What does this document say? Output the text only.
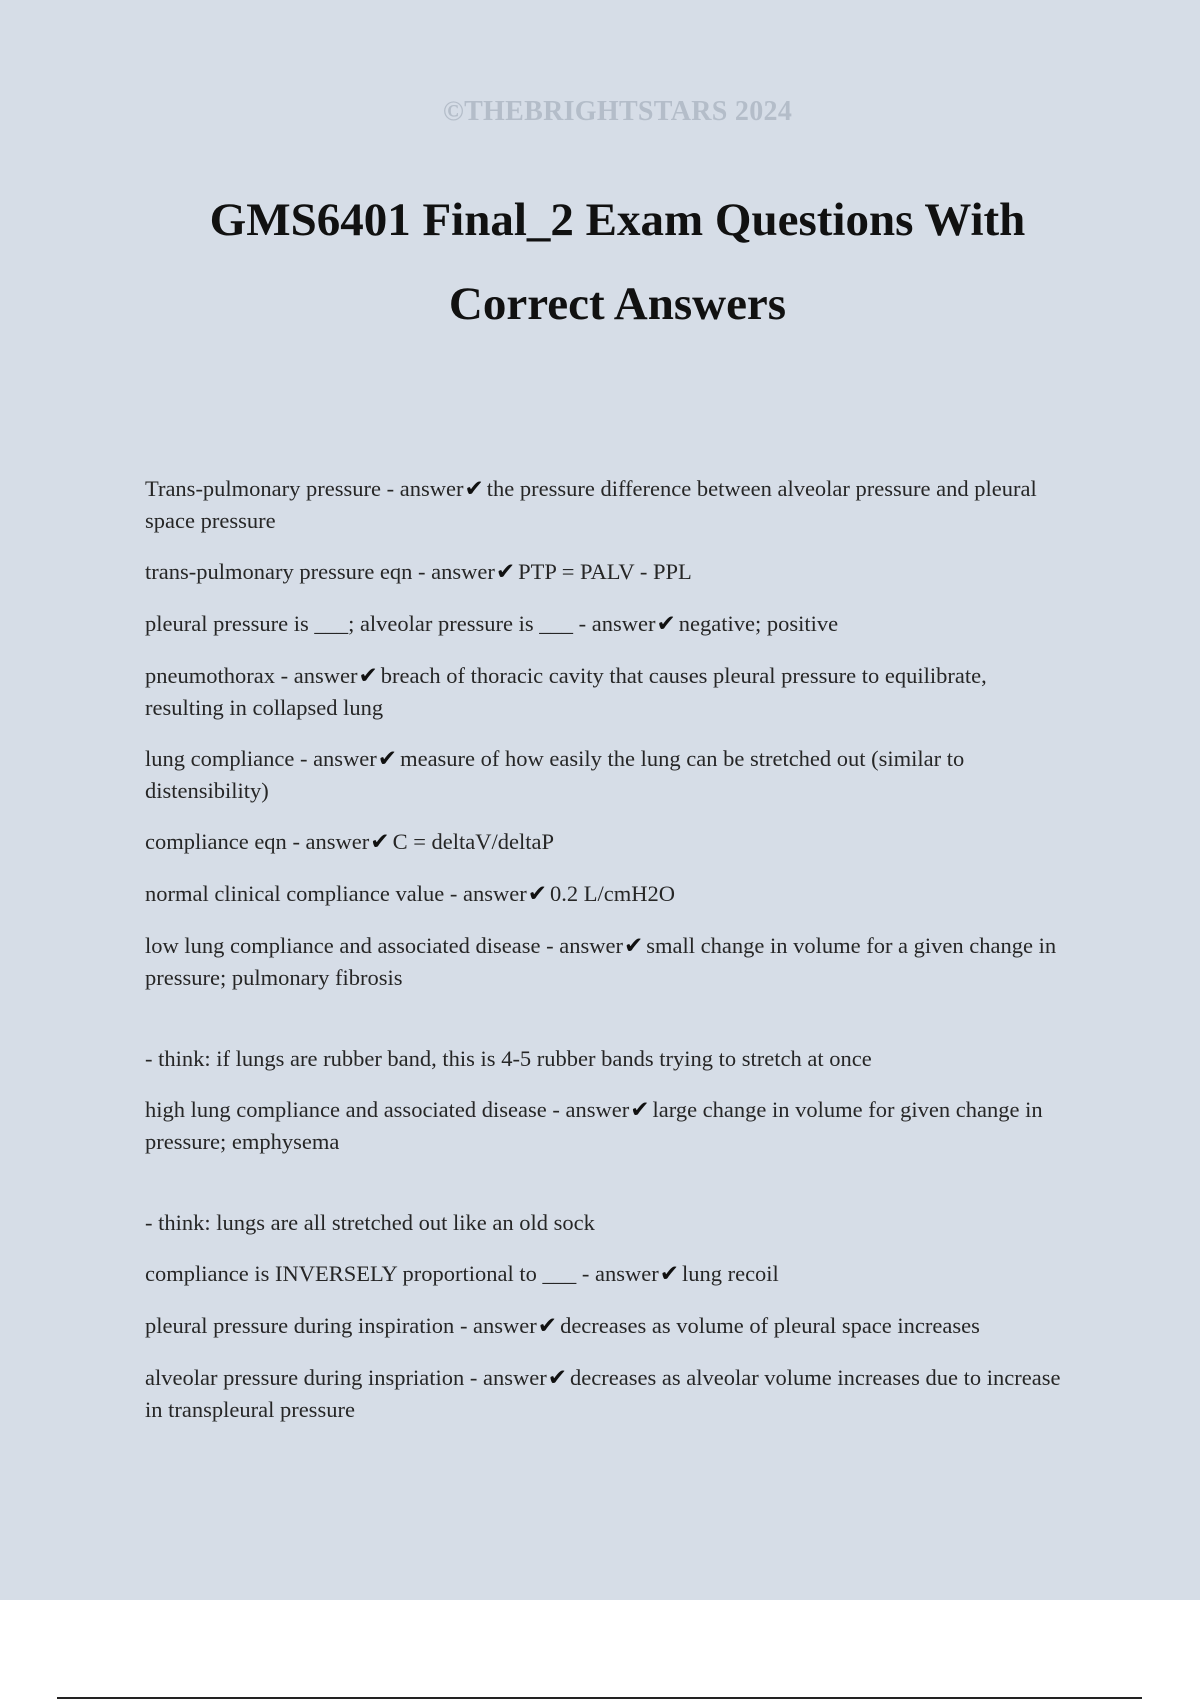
©THEBRIGHTSTARS 2024
GMS6401 Final_2 Exam Questions With
Correct Answers

Trans-pulmonary pressure - answer✔ the pressure difference between alveolar pressure and pleural space pressure

trans-pulmonary pressure eqn - answer✔ PTP = PALV - PPL

pleural pressure is ___; alveolar pressure is ___ - answer✔ negative; positive

pneumothorax - answer✔ breach of thoracic cavity that causes pleural pressure to equilibrate, resulting in collapsed lung

lung compliance - answer✔ measure of how easily the lung can be stretched out (similar to distensibility)

compliance eqn - answer✔ C = deltaV/deltaP

normal clinical compliance value - answer✔ 0.2 L/cmH2O

low lung compliance and associated disease - answer✔ small change in volume for a given change in pressure; pulmonary fibrosis

- think: if lungs are rubber band, this is 4-5 rubber bands trying to stretch at once

high lung compliance and associated disease - answer✔ large change in volume for given change in pressure; emphysema

- think: lungs are all stretched out like an old sock

compliance is INVERSELY proportional to ___ - answer✔ lung recoil

pleural pressure during inspiration - answer✔ decreases as volume of pleural space increases

alveolar pressure during inspriation - answer✔ decreases as alveolar volume increases due to increase in transpleural pressure
